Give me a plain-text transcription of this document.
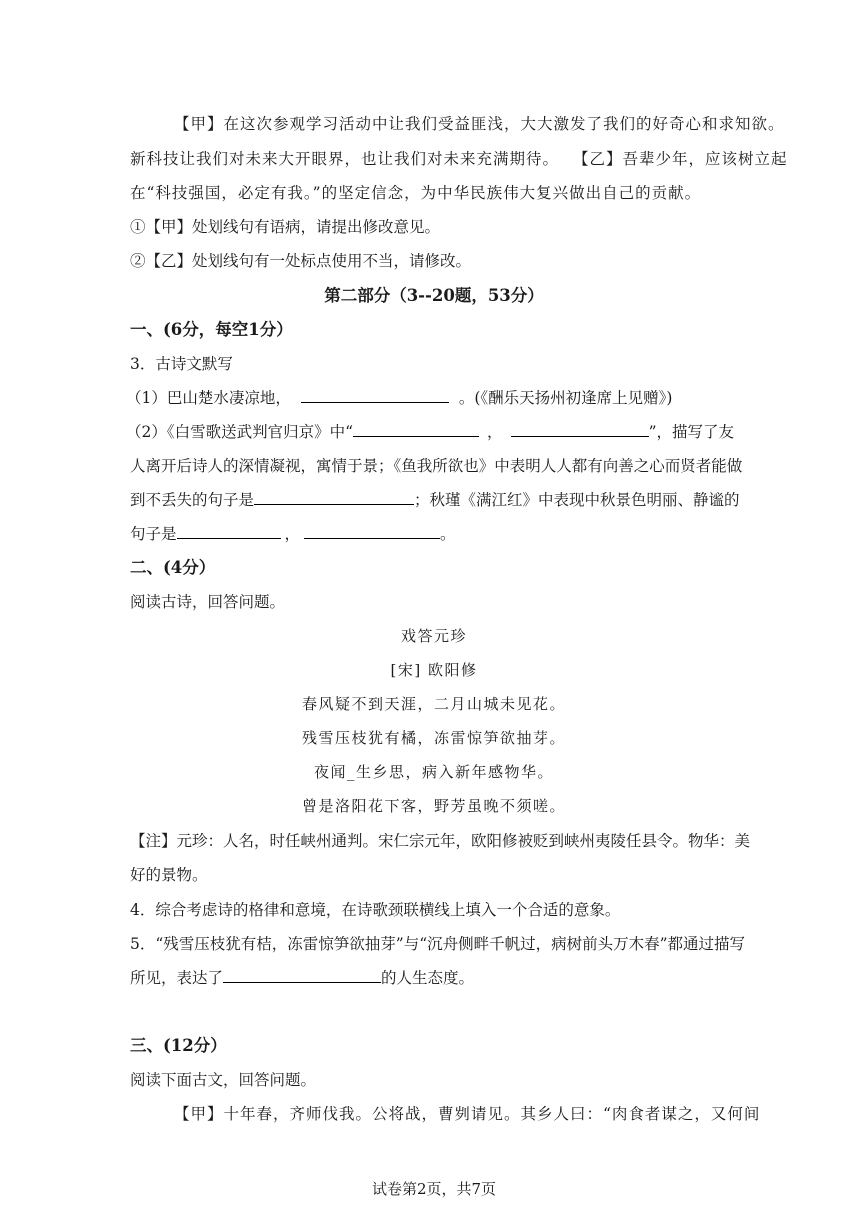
【甲】在这次参观学习活动中让我们受益匪浅，大大激发了我们的好奇心和求知欲。
新科技让我们对未来大开眼界，也让我们对未来充满期待。 【乙】吾辈少年，应该树立起
在“科技强国，必定有我。”的坚定信念，为中华民族伟大复兴做出自己的贡献。
①【甲】处划线句有语病，请提出修改意见。
②【乙】处划线句有一处标点使用不当，请修改。
第二部分（3--20题，53分）
一、(6分，每空1分）
3．古诗文默写
（1）巴山楚水凄凉地，	。(《酬乐天扬州初逢席上见赠》)
（2）《白雪歌送武判官归京》中“	，	”，描写了友
人离开后诗人的深情凝视，寓情于景；《鱼我所欲也》中表明人人都有向善之心而贤者能做
到不丢失的句子是	；秋瑾《满江红》中表现中秋景色明丽、静谧的
句子是	，	。
二、(4分）
阅读古诗，回答问题。
戏答元珍
[宋] 欧阳修
春风疑不到天涯，二月山城未见花。
残雪压枝犹有橘，冻雷惊笋欲抽芽。
夜闻_生乡思，病入新年感物华。
曾是洛阳花下客，野芳虽晚不须嗟。
【注】元珍：人名，时任峡州通判。宋仁宗元年，欧阳修被贬到峡州夷陵任县令。物华：美
好的景物。
4．综合考虑诗的格律和意境，在诗歌颈联横线上填入一个合适的意象。
5．“残雪压枝犹有桔，冻雷惊笋欲抽芽”与“沉舟侧畔千帆过，病树前头万木春”都通过描写
所见，表达了	的人生态度。
三、(12分）
阅读下面古文，回答问题。
【甲】十年春，齐师伐我。公将战，曹刿请见。其乡人曰：“肉食者谋之，又何间
试卷第2页，共7页
